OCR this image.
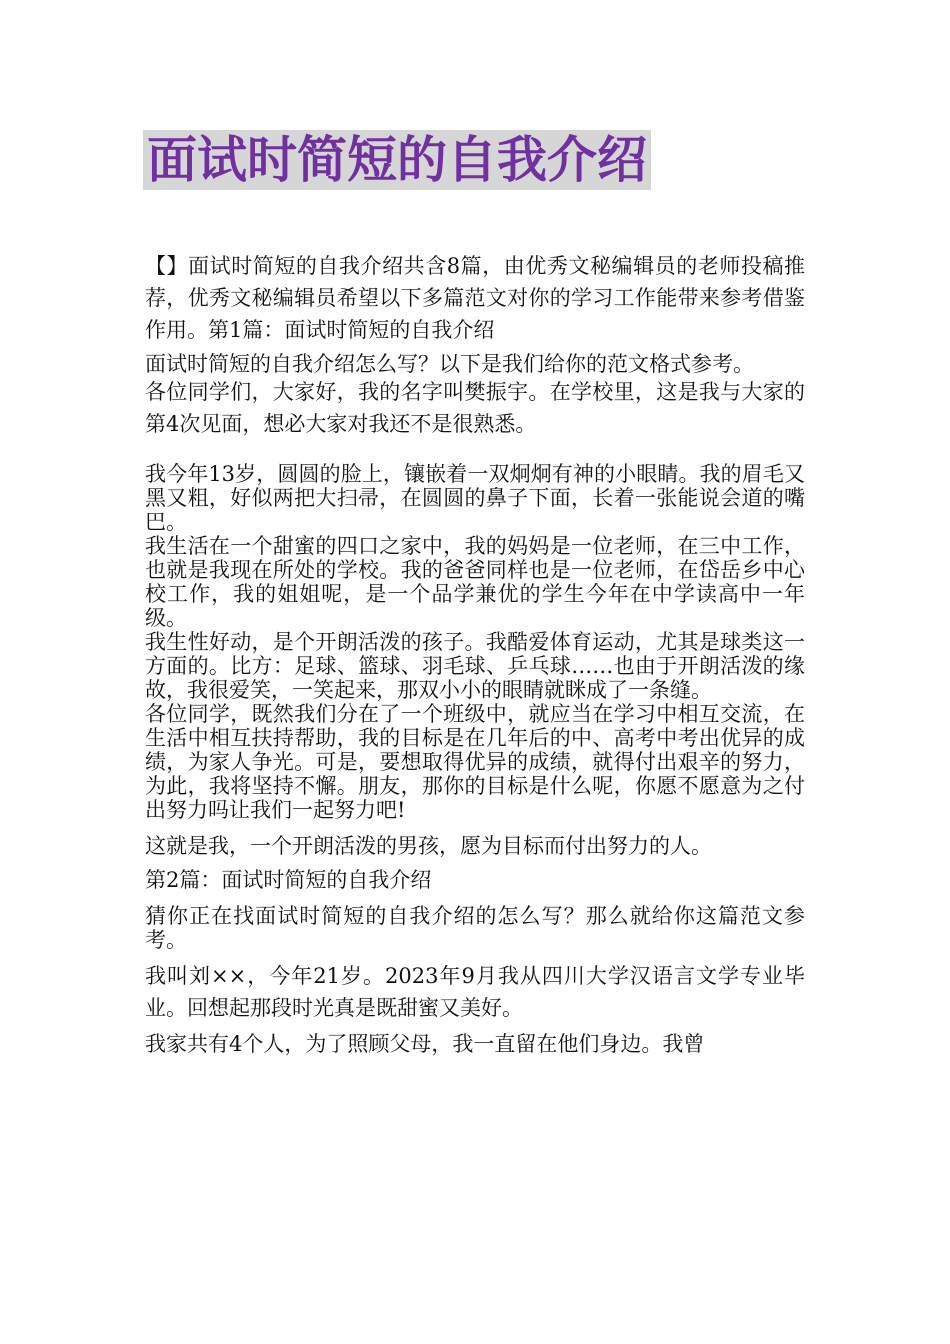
面试时简短的自我介绍

【】面试时简短的自我介绍共含8篇，由优秀文秘编辑员的老师投稿推荐，优秀文秘编辑员希望以下多篇范文对你的学习工作能带来参考借鉴作用。第1篇：面试时简短的自我介绍

面试时简短的自我介绍怎么写？以下是我们给你的范文格式参考。

各位同学们，大家好，我的名字叫樊振宇。在学校里，这是我与大家的第4次见面，想必大家对我还不是很熟悉。

我今年13岁，圆圆的脸上，镶嵌着一双炯炯有神的小眼睛。我的眉毛又黑又粗，好似两把大扫帚，在圆圆的鼻子下面，长着一张能说会道的嘴巴。

我生活在一个甜蜜的四口之家中，我的妈妈是一位老师，在三中工作，也就是我现在所处的学校。我的爸爸同样也是一位老师，在岱岳乡中心校工作，我的姐姐呢，是一个品学兼优的学生今年在中学读高中一年级。

我生性好动，是个开朗活泼的孩子。我酷爱体育运动，尤其是球类这一方面的。比方：足球、篮球、羽毛球、乒乓球……也由于开朗活泼的缘故，我很爱笑，一笑起来，那双小小的眼睛就眯成了一条缝。

各位同学，既然我们分在了一个班级中，就应当在学习中相互交流，在生活中相互扶持帮助，我的目标是在几年后的中、高考中考出优异的成绩，为家人争光。可是，要想取得优异的成绩，就得付出艰辛的努力，为此，我将坚持不懈。朋友，那你的目标是什么呢，你愿不愿意为之付出努力吗让我们一起努力吧!

这就是我，一个开朗活泼的男孩，愿为目标而付出努力的人。

第2篇：面试时简短的自我介绍

猜你正在找面试时简短的自我介绍的怎么写？那么就给你这篇范文参考。

我叫刘××，今年21岁。2023年9月我从四川大学汉语言文学专业毕业。回想起那段时光真是既甜蜜又美好。

我家共有4个人，为了照顾父母，我一直留在他们身边。我曾
